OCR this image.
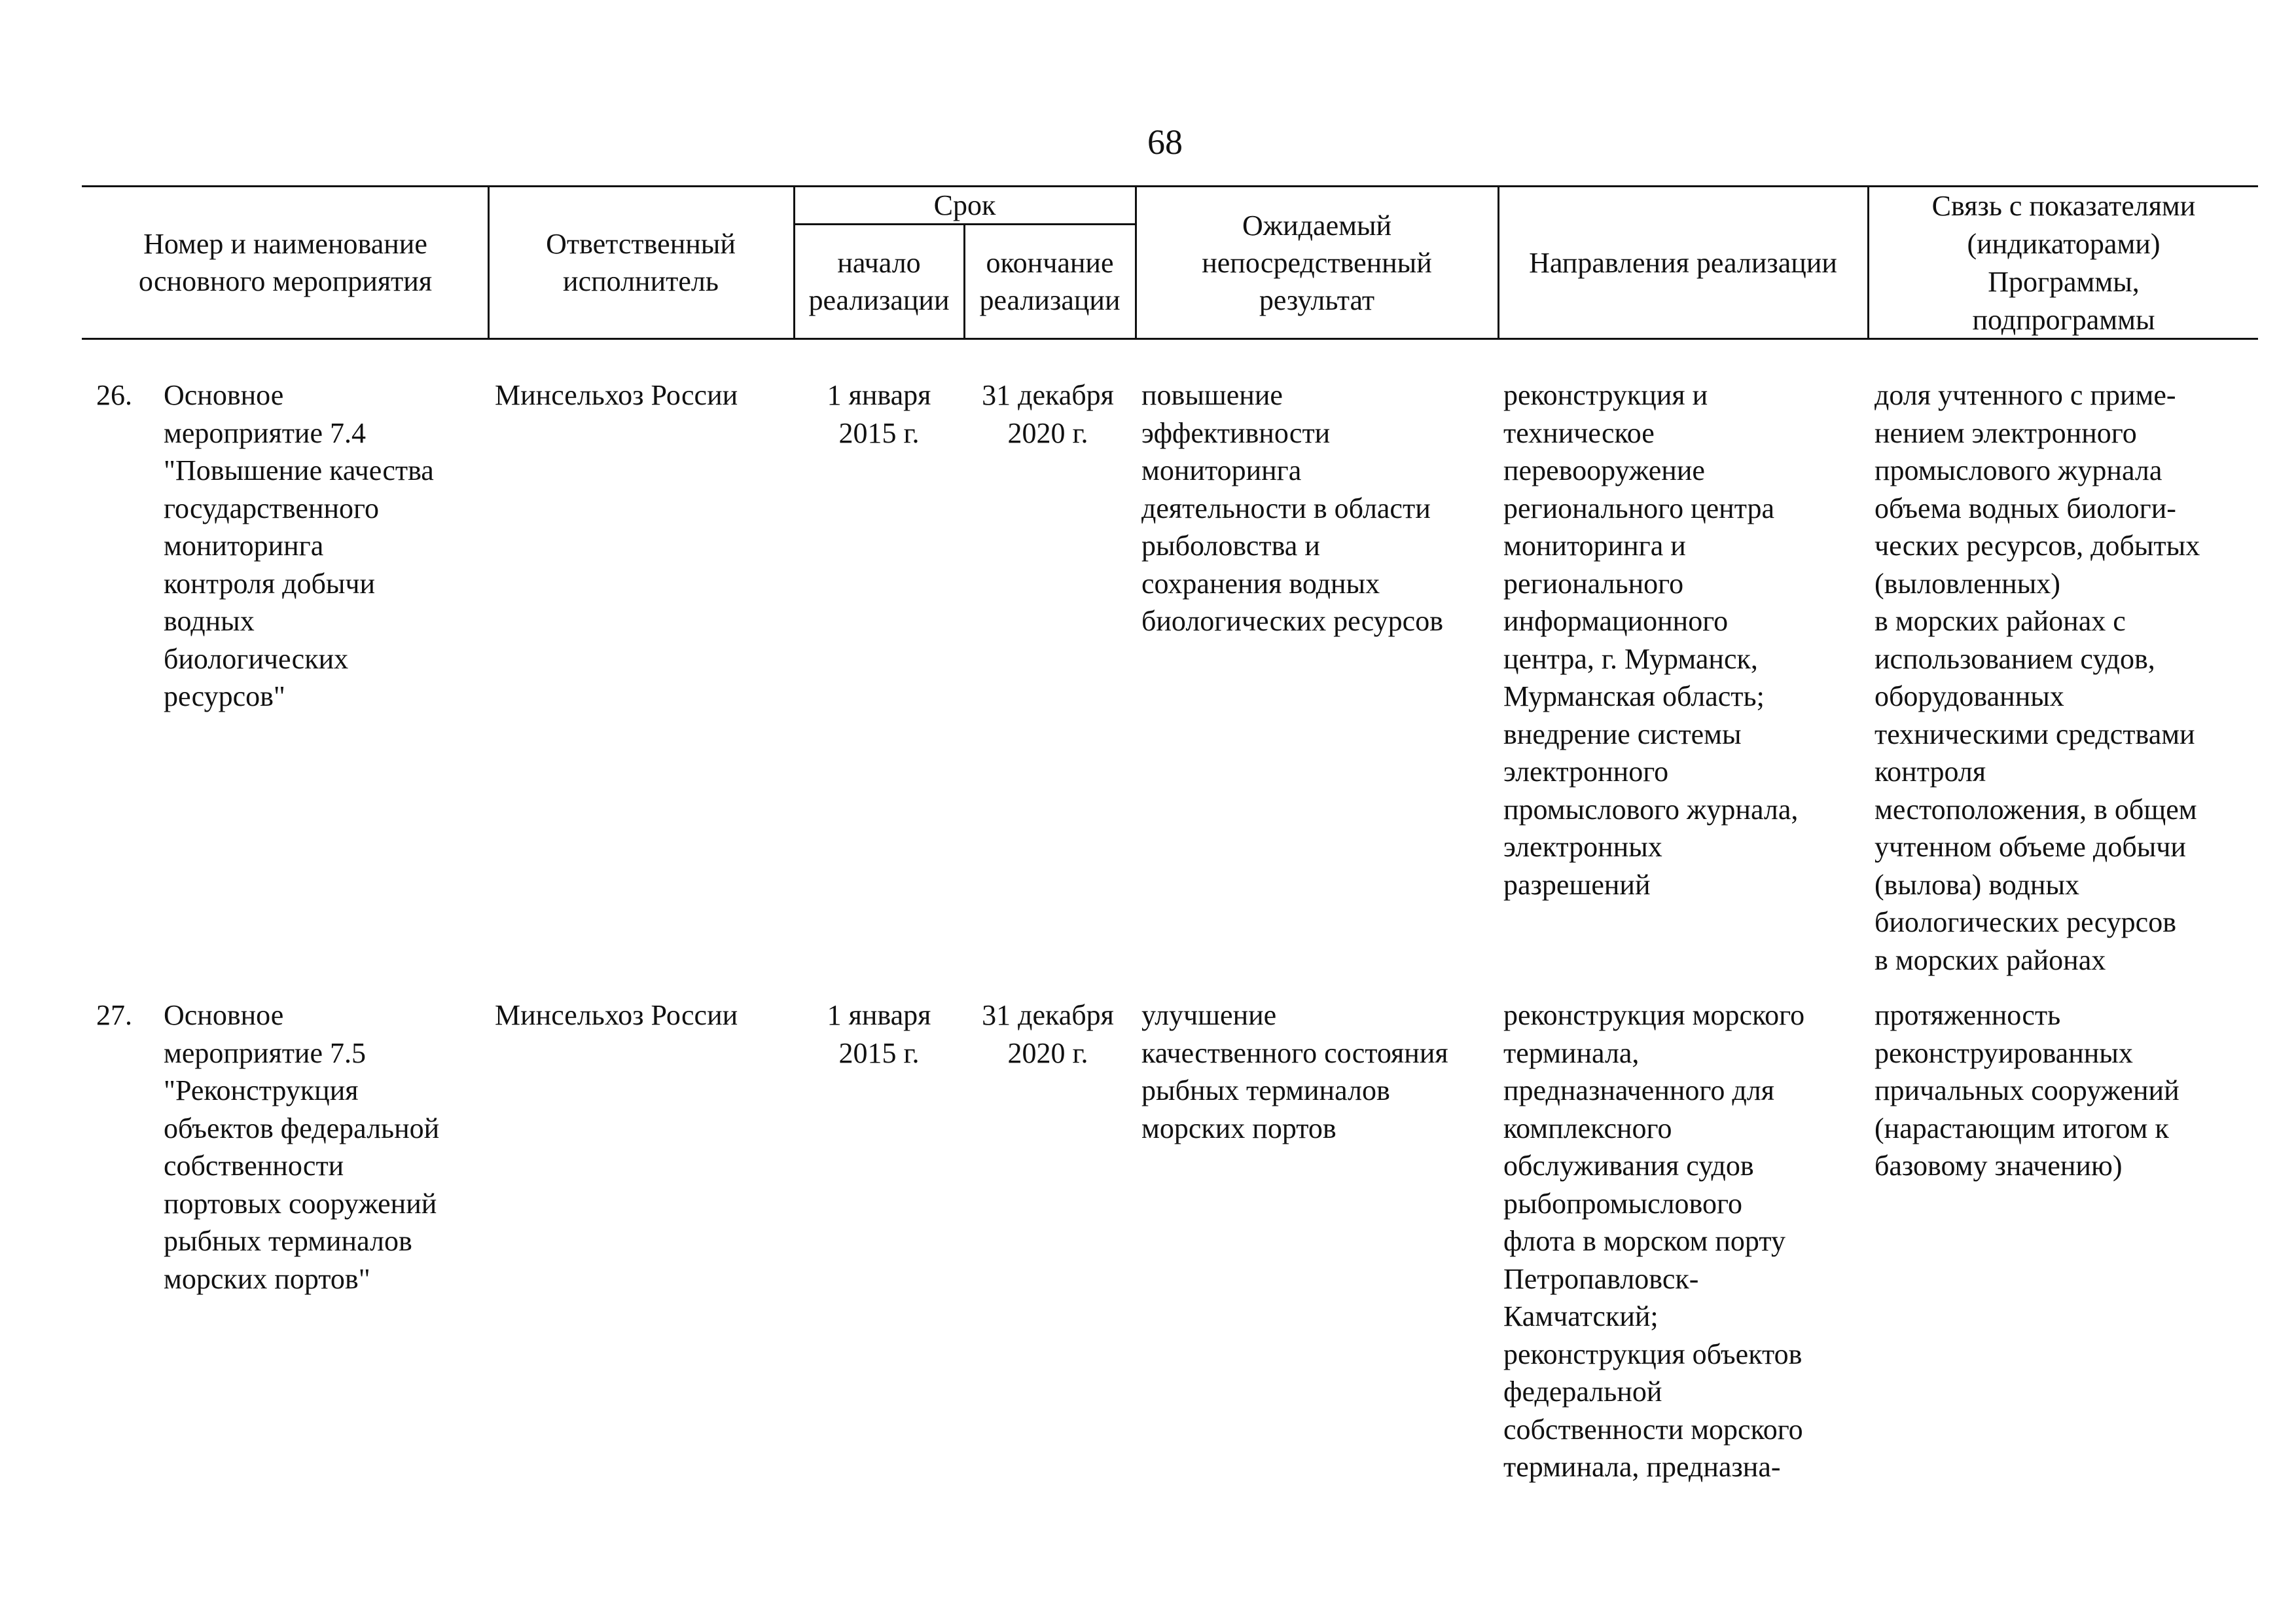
68
Номер и наименование
основного мероприятия
Ответственный
исполнитель
Срок
начало
реализации
окончание
реализации
Ожидаемый
непосредственный
результат
Направления реализации
Связь с показателями
(индикаторами)
Программы,
подпрограммы
26. Основное
мероприятие 7.4
"Повышение качества
государственного
мониторинга
контроля добычи
водных
биологических
ресурсов"
Минсельхоз России	1 января
2015 г.
31 декабря
2020 г.
повышение
эффективности
мониторинга
деятельности в области
рыболовства и
сохранения водных
биологических ресурсов
реконструкция и
техническое
перевооружение
регионального центра
мониторинга и
регионального
информационного
центра, г. Мурманск,
Мурманская область;
внедрение системы
электронного
промыслового журнала,
электронных
разрешений
доля учтенного с приме-
нением электронного
промыслового журнала
объема водных биологи-
ческих ресурсов, добытых
(выловленных)
в морских районах с
использованием судов,
оборудованных
техническими средствами
контроля
местоположения, в общем
учтенном объеме добычи
(вылова) водных
биологических ресурсов
в морских районах
27. Основное
мероприятие 7.5
"Реконструкция
объектов федеральной
собственности
портовых сооружений
рыбных терминалов
морских портов"
Минсельхоз России	1 января
2015 г.
31 декабря
2020 г.
улучшение
качественного состояния
рыбных терминалов
морских портов
реконструкция морского
терминала,
предназначенного для
комплексного
обслуживания судов
рыбопромыслового
флота в морском порту
Петропавловск-
Камчатский;
реконструкция объектов
федеральной
собственности морского
терминала, предназна-
протяженность
реконструированных
причальных сооружений
(нарастающим итогом к
базовому значению)
